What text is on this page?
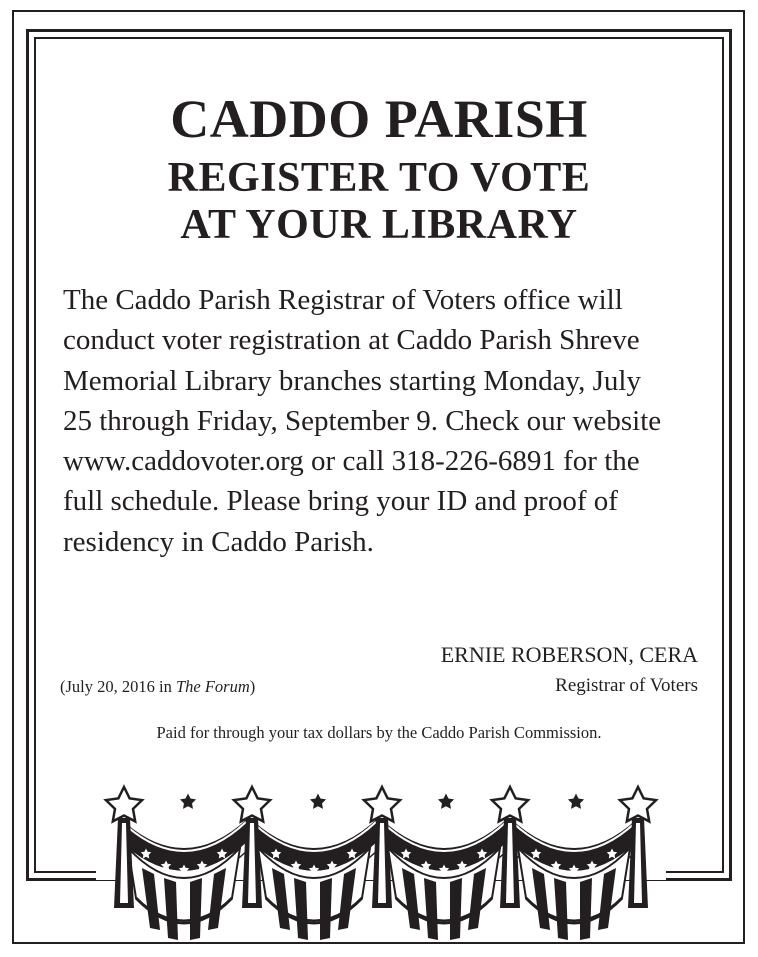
CADDO PARISH
REGISTER TO VOTE
AT YOUR LIBRARY

The Caddo Parish Registrar of Voters office will
conduct voter registration at Caddo Parish Shreve
Memorial Library branches starting Monday, July
25 through Friday, September 9. Check our website
www.caddovoter.org or call 318-226-6891 for the
full schedule. Please bring your ID and proof of
residency in Caddo Parish.

ERNIE ROBERSON, CERA
Registrar of Voters
(July 20, 2016 in The Forum)
Paid for through your tax dollars by the Caddo Parish Commission.
